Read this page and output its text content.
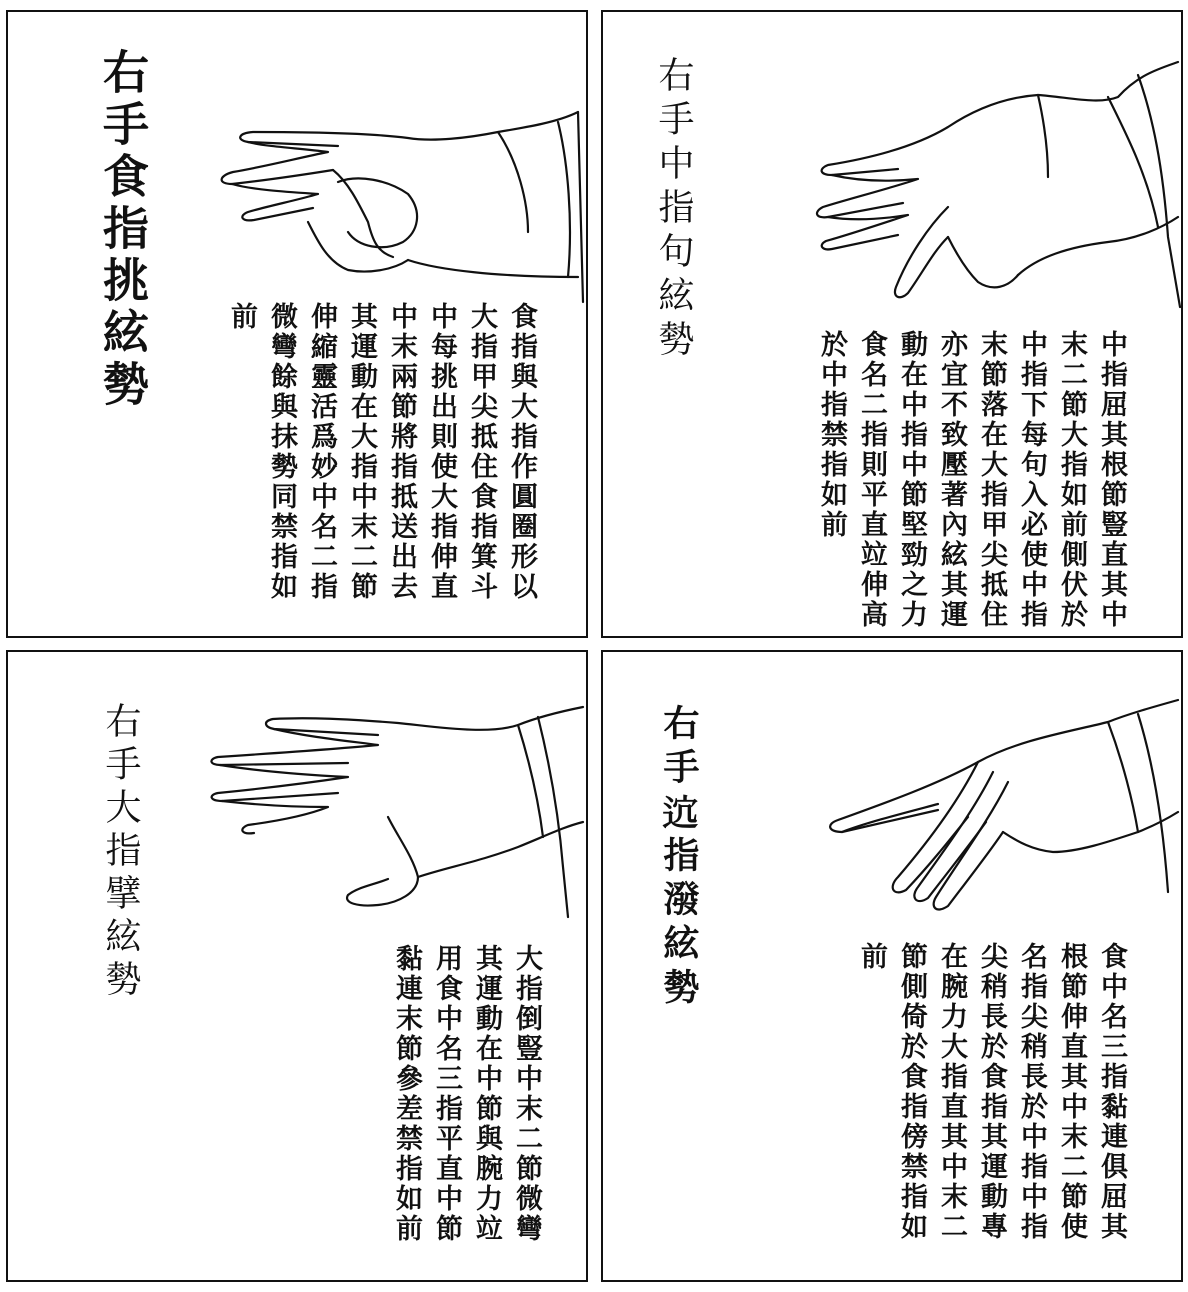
右手食指挑絃勢
食指與大指作圓圈形以
大指甲尖抵住食指箕斗
中每挑出則使大指伸直
中末兩節將指抵送出去
其運動在大指中末二節
伸縮靈活爲妙中名二指
微彎餘與抹勢同禁指如
前	右手中指句絃勢
中指屈其根節豎直其中
末二節大指如前側伏於
中指下每句入必使中指
末節落在大指甲尖抵住
亦宜不致壓著內絃其運
動在中指中節堅勁之力
食名二指則平直竝伸高
於中指禁指如前
右手大指擘絃勢
大指倒豎中末二節微彎
其運動在中節與腕力竝
用食中名三指平直中節
黏連末節參差禁指如前
右手𨒆指潑絃勢
食中名三指黏連俱屈其
根節伸直其中末二節使
名指尖稍長於中指中指
尖稍長於食指其運動專
在腕力大指直其中末二
節側倚於食指傍禁指如
前
